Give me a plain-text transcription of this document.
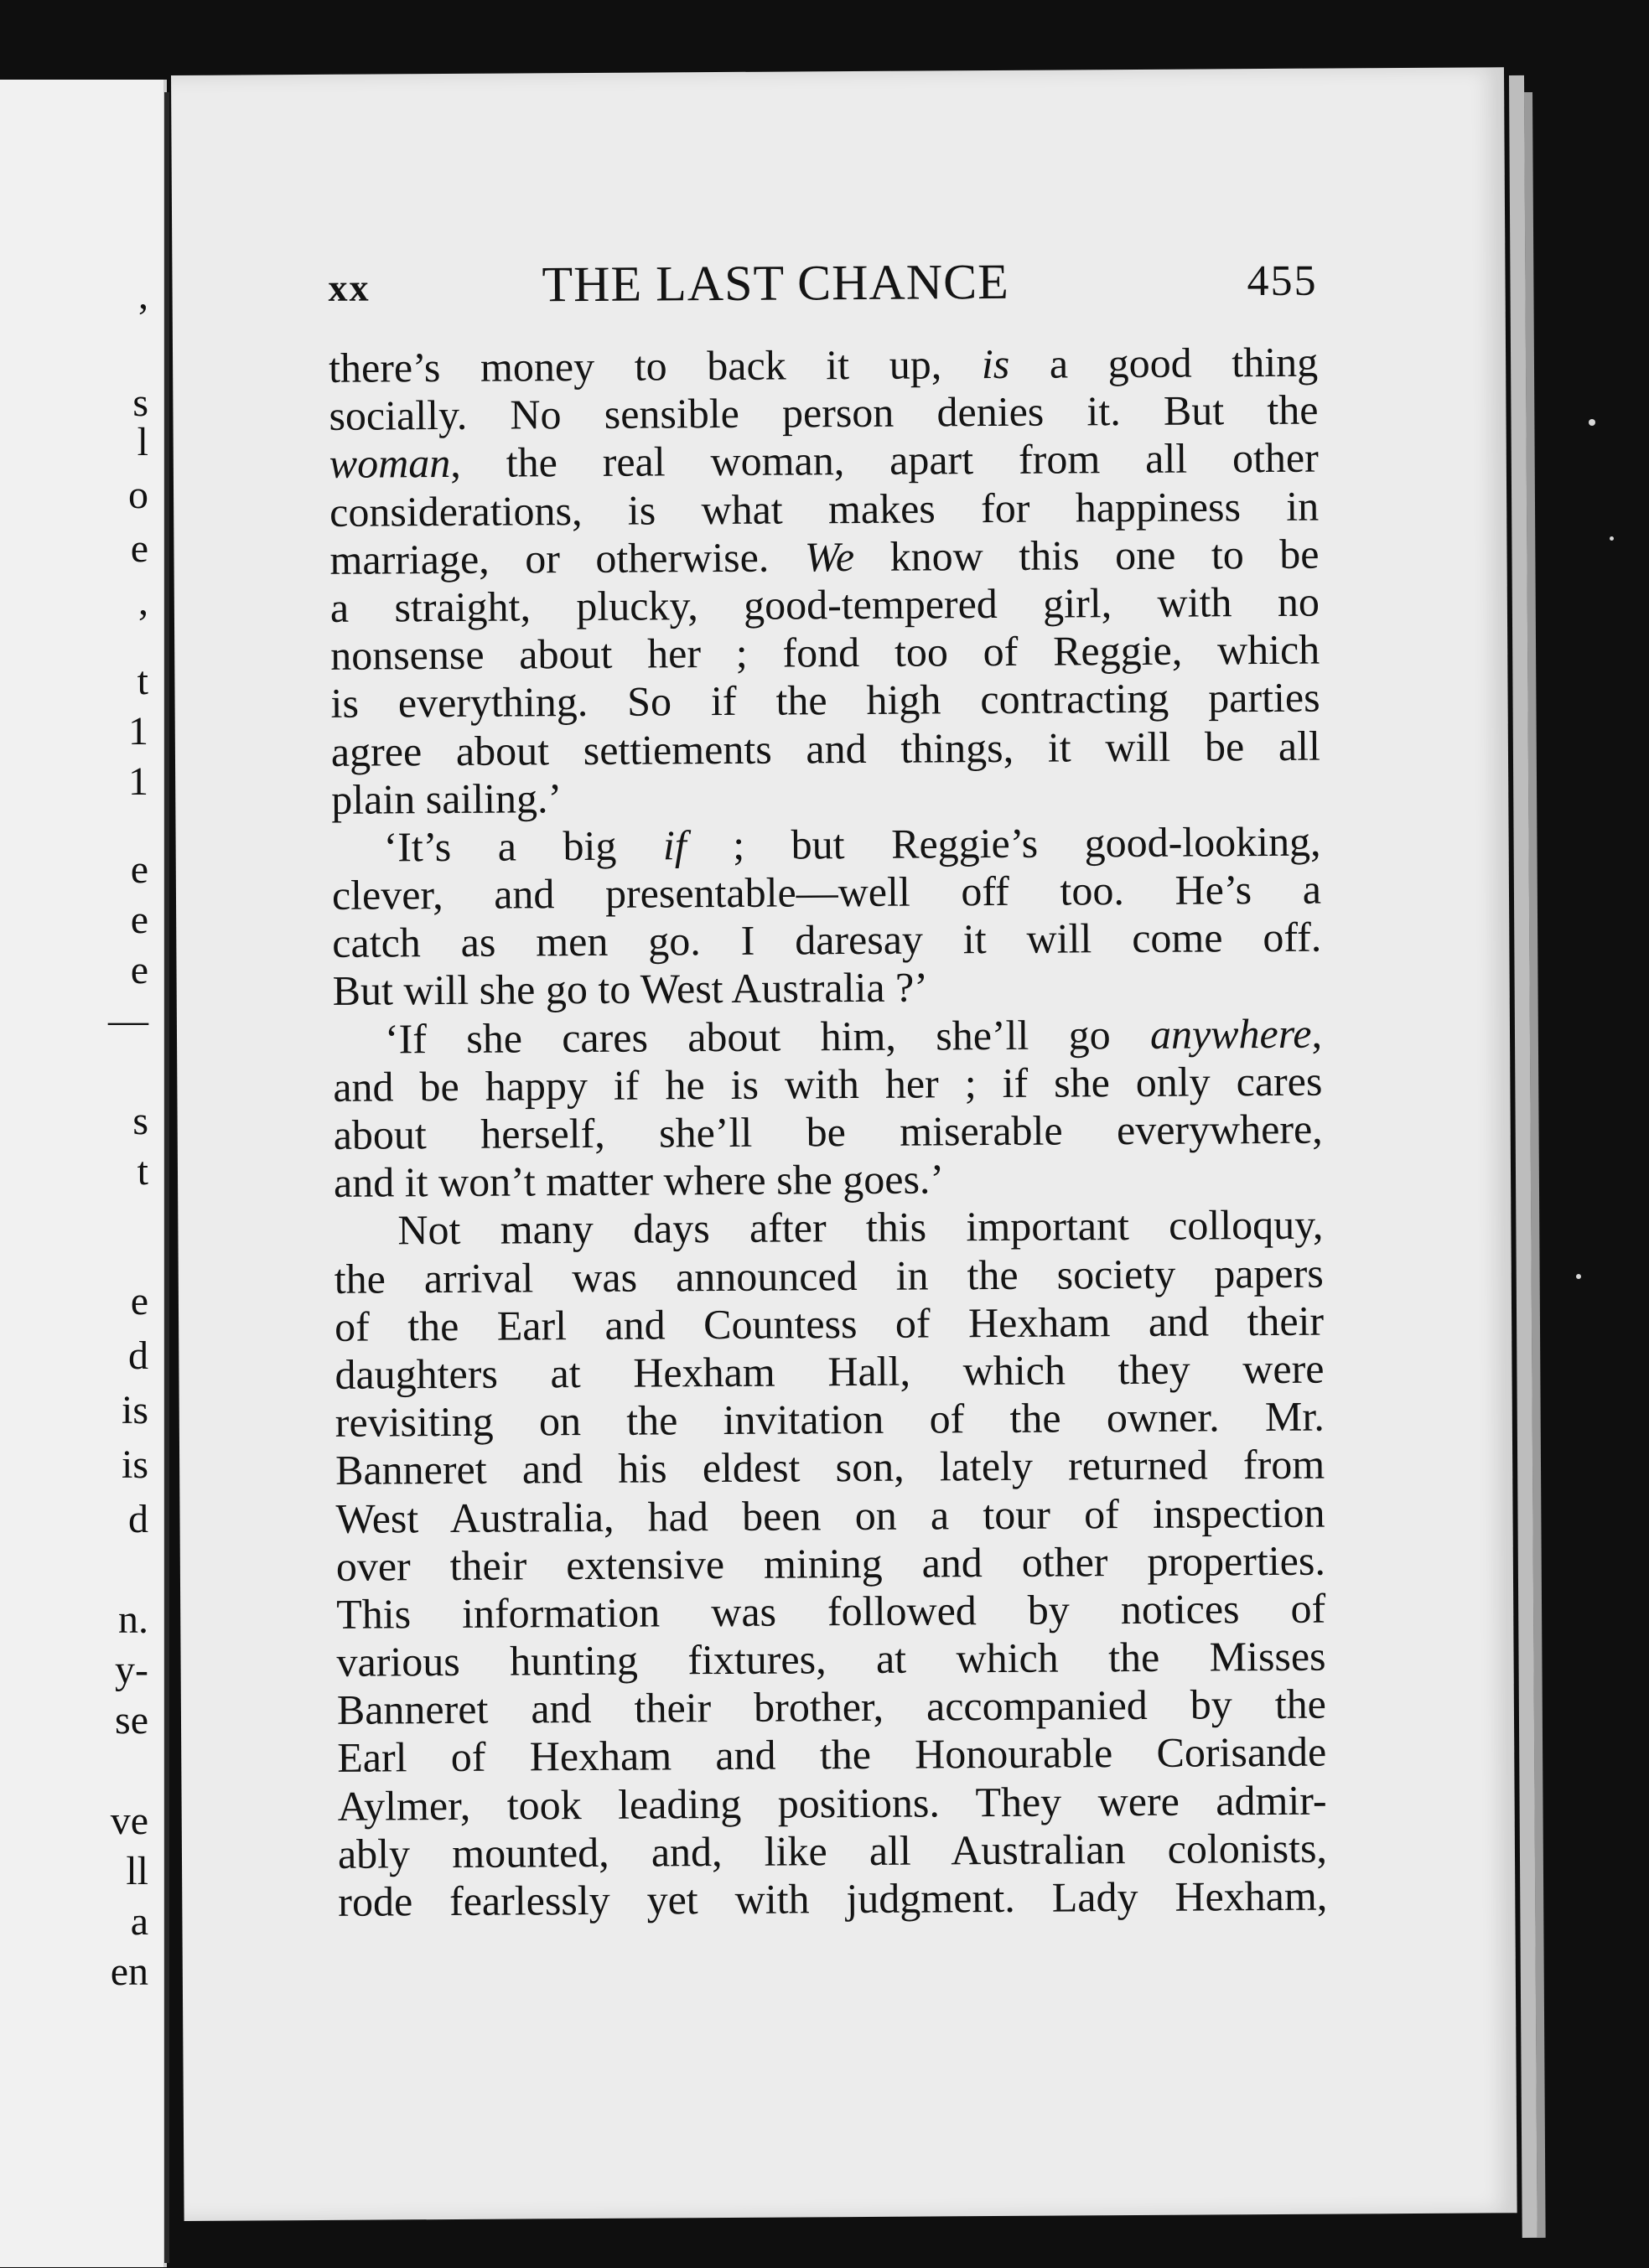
,
s
l
o
e
,
t
1
1
e
e
e
—
s
t
e
d
is
is
d
n.
y-
se
ve
ll
a
en
xx	THE LAST CHANCE	455
there’s money to back it up, is a good thing
socially. No sensible person denies it. But the
woman, the real woman, apart from all other
considerations, is what makes for happiness in
marriage, or otherwise. We know this one to be
a straight, plucky, good-tempered girl, with no
nonsense about her ; fond too of Reggie, which
is everything. So if the high contracting parties
agree about settiements and things, it will be all
plain sailing.’
‘It’s a big if ; but Reggie’s good-looking,
clever, and presentable—well off too. He’s a
catch as men go. I daresay it will come off.
But will she go to West Australia ?’
‘If she cares about him, she’ll go anywhere,
and be happy if he is with her ; if she only cares
about herself, she’ll be miserable everywhere,
and it won’t matter where she goes.’
Not many days after this important colloquy,
the arrival was announced in the society papers
of the Earl and Countess of Hexham and their
daughters at Hexham Hall, which they were
revisiting on the invitation of the owner. Mr.
Banneret and his eldest son, lately returned from
West Australia, had been on a tour of inspection
over their extensive mining and other properties.
This information was followed by notices of
various hunting fixtures, at which the Misses
Banneret and their brother, accompanied by the
Earl of Hexham and the Honourable Corisande
Aylmer, took leading positions. They were admir-
ably mounted, and, like all Australian colonists,
rode fearlessly yet with judgment. Lady Hexham,
